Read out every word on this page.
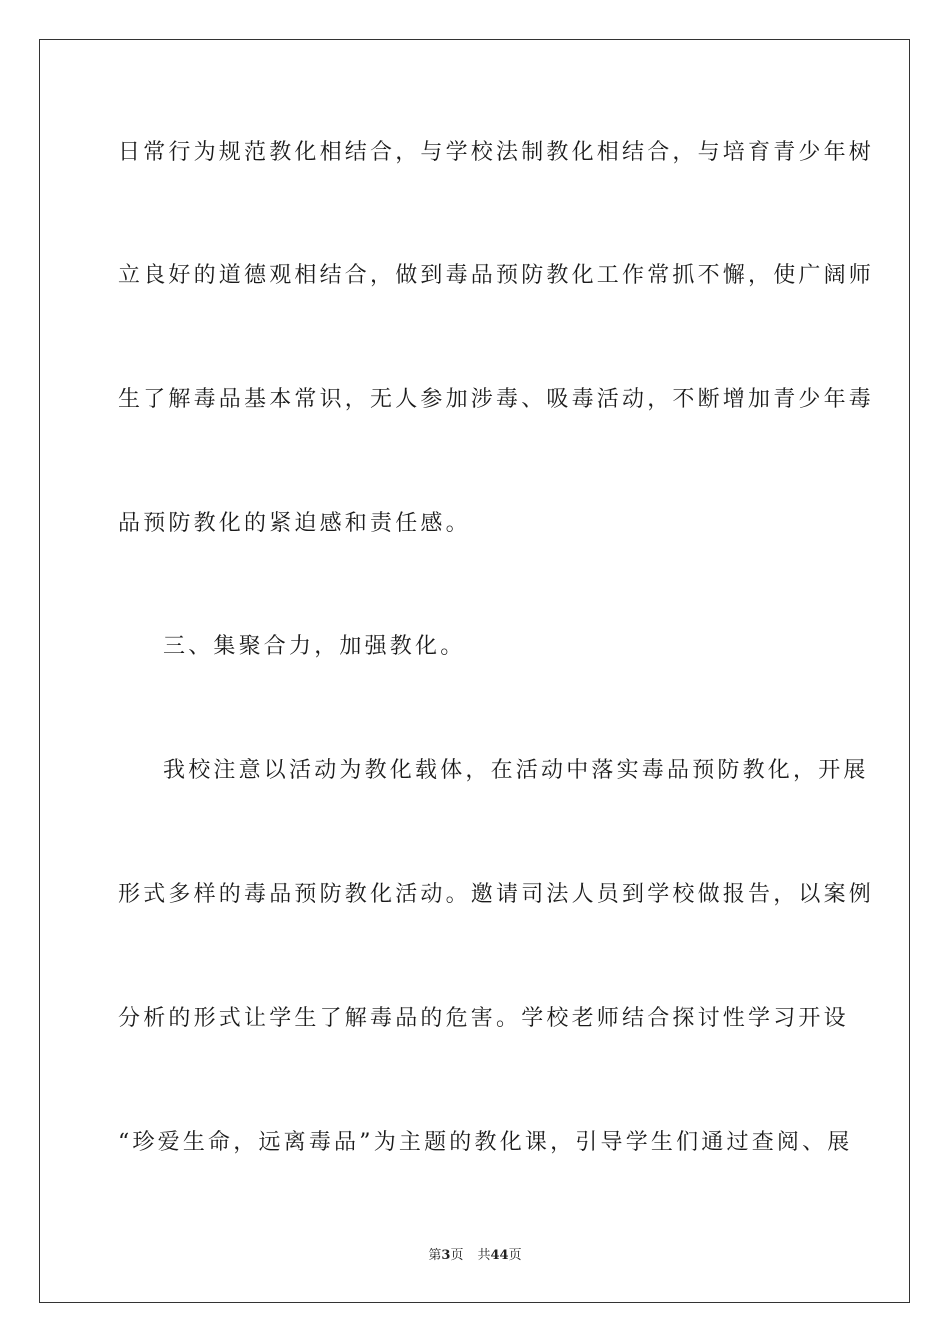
日常行为规范教化相结合，与学校法制教化相结合，与培育青少年树
立良好的道德观相结合，做到毒品预防教化工作常抓不懈，使广阔师
生了解毒品基本常识，无人参加涉毒、吸毒活动，不断增加青少年毒
品预防教化的紧迫感和责任感。
三、集聚合力，加强教化。
我校注意以活动为教化载体，在活动中落实毒品预防教化，开展
形式多样的毒品预防教化活动。邀请司法人员到学校做报告，以案例
分析的形式让学生了解毒品的危害。学校老师结合探讨性学习开设
“珍爱生命，远离毒品”为主题的教化课，引导学生们通过查阅、展
第3页 共44页
